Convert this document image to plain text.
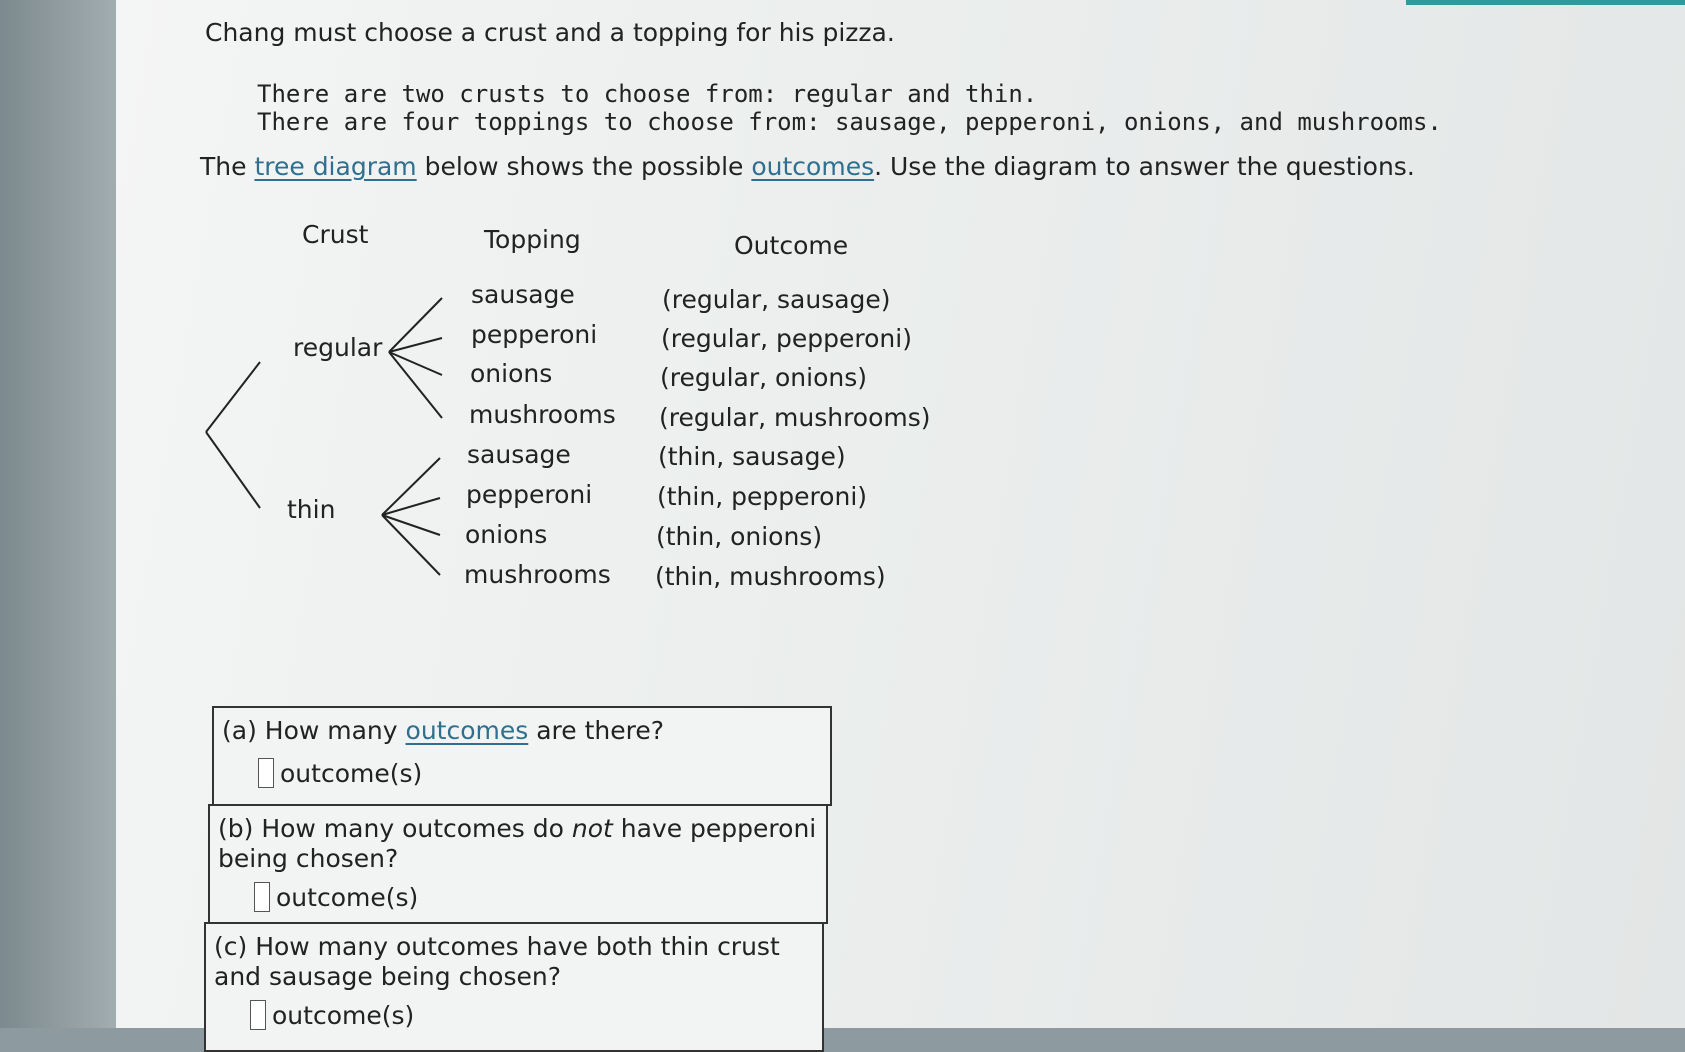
Chang must choose a crust and a topping for his pizza.
There are two crusts to choose from: regular and thin.
There are four toppings to choose from: sausage, pepperoni, onions, and mushrooms.
The tree diagram below shows the possible outcomes. Use the diagram to answer the questions.
Crust	Topping	Outcome
regular
thin
sausage
pepperoni
onions
mushrooms
sausage
pepperoni
onions
mushrooms
(regular, sausage)
(regular, pepperoni)
(regular, onions)
(regular, mushrooms)
(thin, sausage)
(thin, pepperoni)
(thin, onions)
(thin, mushrooms)
(a) How many outcomes are there?
outcome(s)
(b) How many outcomes do not have pepperoni
being chosen?
outcome(s)
(c) How many outcomes have both thin crust
and sausage being chosen?
outcome(s)
